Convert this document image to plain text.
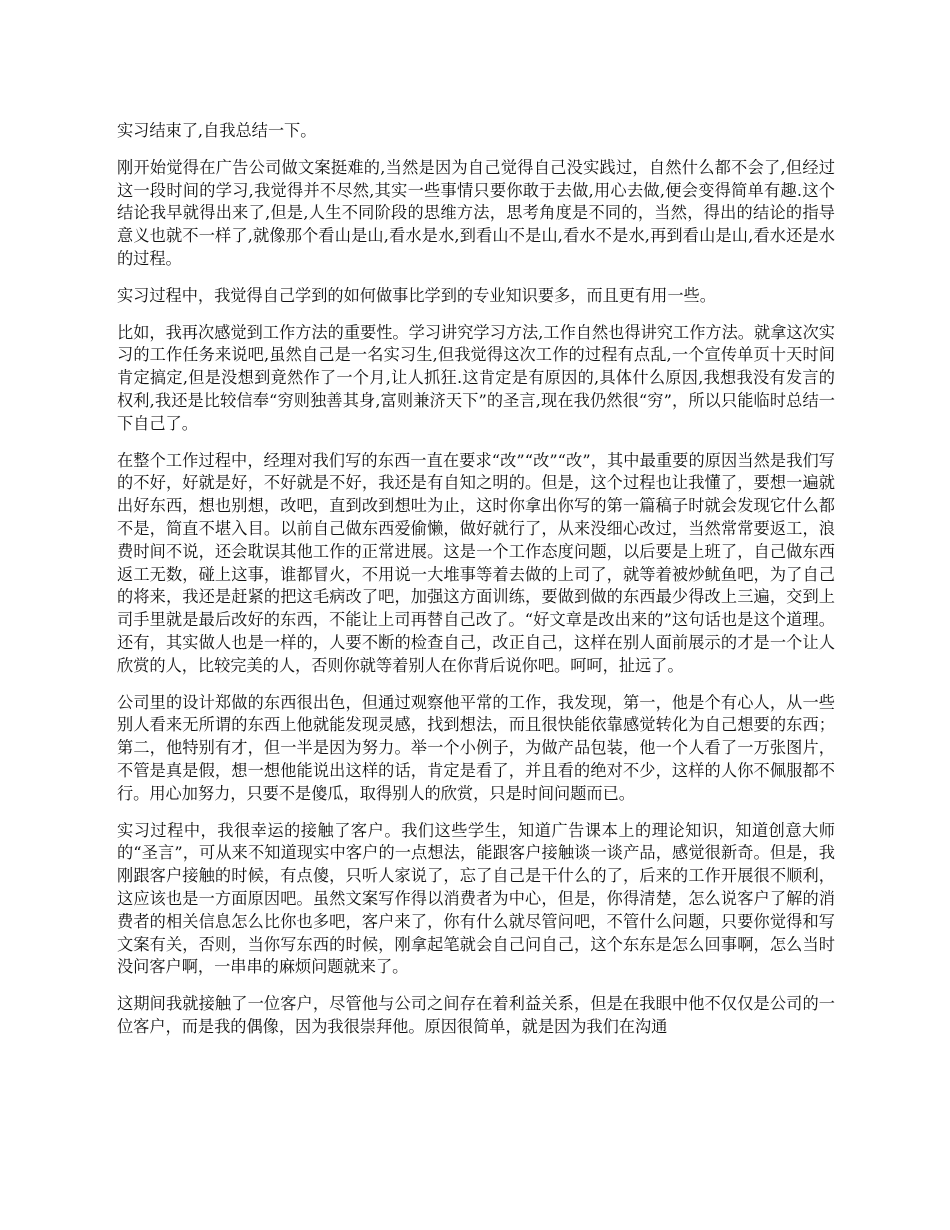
实习结束了,自我总结一下。

刚开始觉得在广告公司做文案挺难的,当然是因为自己觉得自己没实践过，自然什么都不会了,但经过这一段时间的学习,我觉得并不尽然,其实一些事情只要你敢于去做,用心去做,便会变得简单有趣.这个结论我早就得出来了,但是,人生不同阶段的思维方法，思考角度是不同的，当然，得出的结论的指导意义也就不一样了,就像那个看山是山,看水是水,到看山不是山,看水不是水,再到看山是山,看水还是水的过程。

实习过程中，我觉得自己学到的如何做事比学到的专业知识要多，而且更有用一些。

比如，我再次感觉到工作方法的重要性。学习讲究学习方法,工作自然也得讲究工作方法。就拿这次实习的工作任务来说吧,虽然自己是一名实习生,但我觉得这次工作的过程有点乱,一个宣传单页十天时间肯定搞定,但是没想到竟然作了一个月,让人抓狂.这肯定是有原因的,具体什么原因,我想我没有发言的权利,我还是比较信奉“穷则独善其身,富则兼济天下”的圣言,现在我仍然很“穷”，所以只能临时总结一下自己了。

在整个工作过程中，经理对我们写的东西一直在要求“改”“改”“改”，其中最重要的原因当然是我们写的不好，好就是好，不好就是不好，我还是有自知之明的。但是，这个过程也让我懂了，要想一遍就出好东西，想也别想，改吧，直到改到想吐为止，这时你拿出你写的第一篇稿子时就会发现它什么都不是，简直不堪入目。以前自己做东西爱偷懒，做好就行了，从来没细心改过，当然常常要返工，浪费时间不说，还会耽误其他工作的正常进展。这是一个工作态度问题，以后要是上班了，自己做东西返工无数，碰上这事，谁都冒火，不用说一大堆事等着去做的上司了，就等着被炒鱿鱼吧，为了自己的将来，我还是赶紧的把这毛病改了吧，加强这方面训练，要做到做的东西最少得改上三遍，交到上司手里就是最后改好的东西，不能让上司再替自己改了。“好文章是改出来的”这句话也是这个道理。还有，其实做人也是一样的，人要不断的检查自己，改正自己，这样在别人面前展示的才是一个让人欣赏的人，比较完美的人，否则你就等着别人在你背后说你吧。呵呵，扯远了。

公司里的设计郑做的东西很出色，但通过观察他平常的工作，我发现，第一，他是个有心人，从一些别人看来无所谓的东西上他就能发现灵感，找到想法，而且很快能依靠感觉转化为自己想要的东西；第二，他特别有才，但一半是因为努力。举一个小例子，为做产品包装，他一个人看了一万张图片，不管是真是假，想一想他能说出这样的话，肯定是看了，并且看的绝对不少，这样的人你不佩服都不行。用心加努力，只要不是傻瓜，取得别人的欣赏，只是时间问题而已。

实习过程中，我很幸运的接触了客户。我们这些学生，知道广告课本上的理论知识，知道创意大师的“圣言”，可从来不知道现实中客户的一点想法，能跟客户接触谈一谈产品，感觉很新奇。但是，我刚跟客户接触的时候，有点傻，只听人家说了，忘了自己是干什么的了，后来的工作开展很不顺利，这应该也是一方面原因吧。虽然文案写作得以消费者为中心，但是，你得清楚，怎么说客户了解的消费者的相关信息怎么比你也多吧，客户来了，你有什么就尽管问吧，不管什么问题，只要你觉得和写文案有关，否则，当你写东西的时候，刚拿起笔就会自己问自己，这个东东是怎么回事啊，怎么当时没问客户啊，一串串的麻烦问题就来了。

这期间我就接触了一位客户，尽管他与公司之间存在着利益关系，但是在我眼中他不仅仅是公司的一位客户，而是我的偶像，因为我很崇拜他。原因很简单，就是因为我们在沟通
